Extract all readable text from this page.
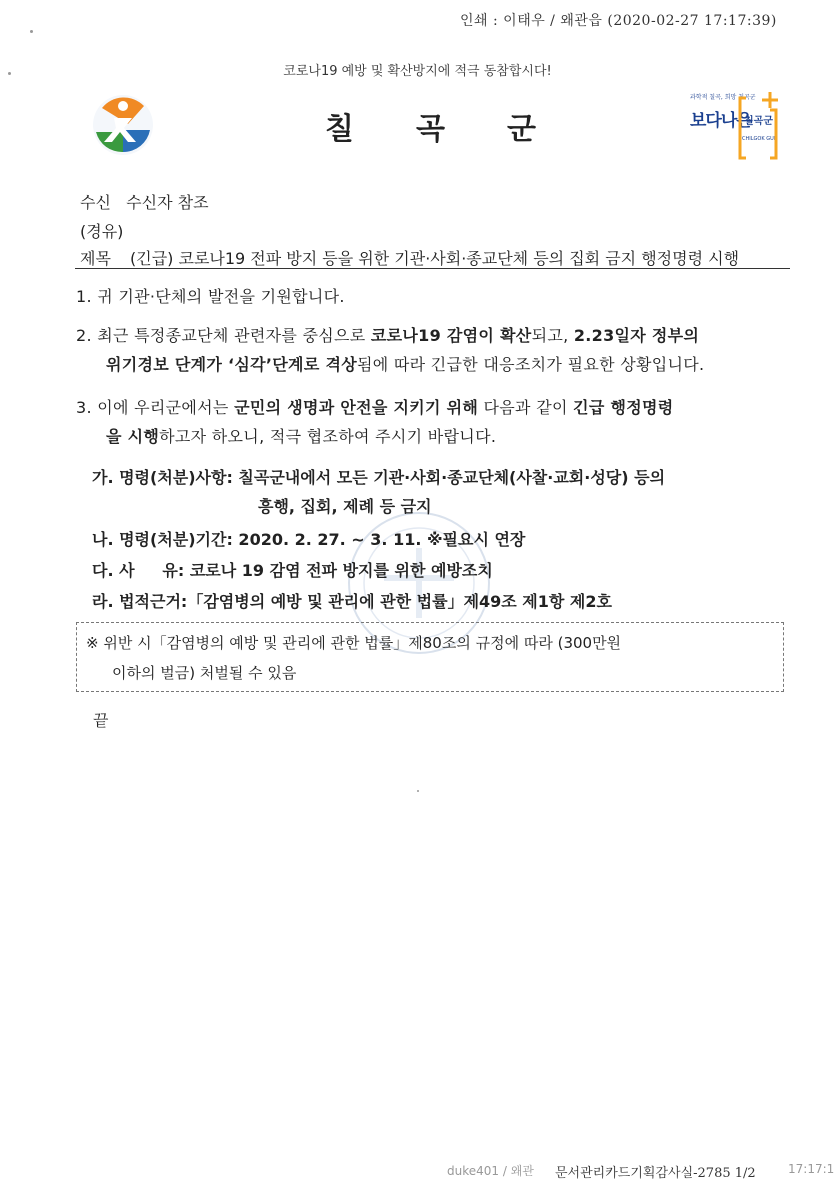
인쇄 : 이태우 / 왜관읍 (2020-02-27 17:17:39)
코로나19 예방 및 확산방지에 적극 동참합시다!
칠곡군
과학적 칠곡, 희망 칠곡군
보다나은
칠곡군
CHILGOK GUN
수신   수신자 참조
(경유)
제목 (긴급) 코로나19 전파 방지 등을 위한 기관·사회·종교단체 등의 집회 금지 행정명령 시행
1. 귀 기관·단체의 발전을 기원합니다.
2. 최근 특정종교단체 관련자를 중심으로 코로나19 감염이 확산되고, 2.23일자 정부의
위기경보 단계가 ‘심각’단계로 격상됨에 따라 긴급한 대응조치가 필요한 상황입니다.
3. 이에 우리군에서는 군민의 생명과 안전을 지키기 위해 다음과 같이 긴급 행정명령
을 시행하고자 하오니, 적극 협조하여 주시기 바랍니다.
가. 명령(처분)사항: 칠곡군내에서 모든 기관·사회·종교단체(사찰·교회·성당) 등의
흥행, 집회, 제례 등 금지
나. 명령(처분)기간: 2020. 2. 27. ~ 3. 11. ※필요시 연장
다. 사     유: 코로나 19 감염 전파 방지를 위한 예방조치
라. 법적근거:「감염병의 예방 및 관리에 관한 법률」제49조 제1항 제2호
※ 위반 시「감염병의 예방 및 관리에 관한 법률」제80조의 규정에 따라 (300만원
이하의 벌금) 처벌될 수 있음
끝
duke401 / 왜관 문서관리카드기획감사실-2785 1/2	17:17:1
